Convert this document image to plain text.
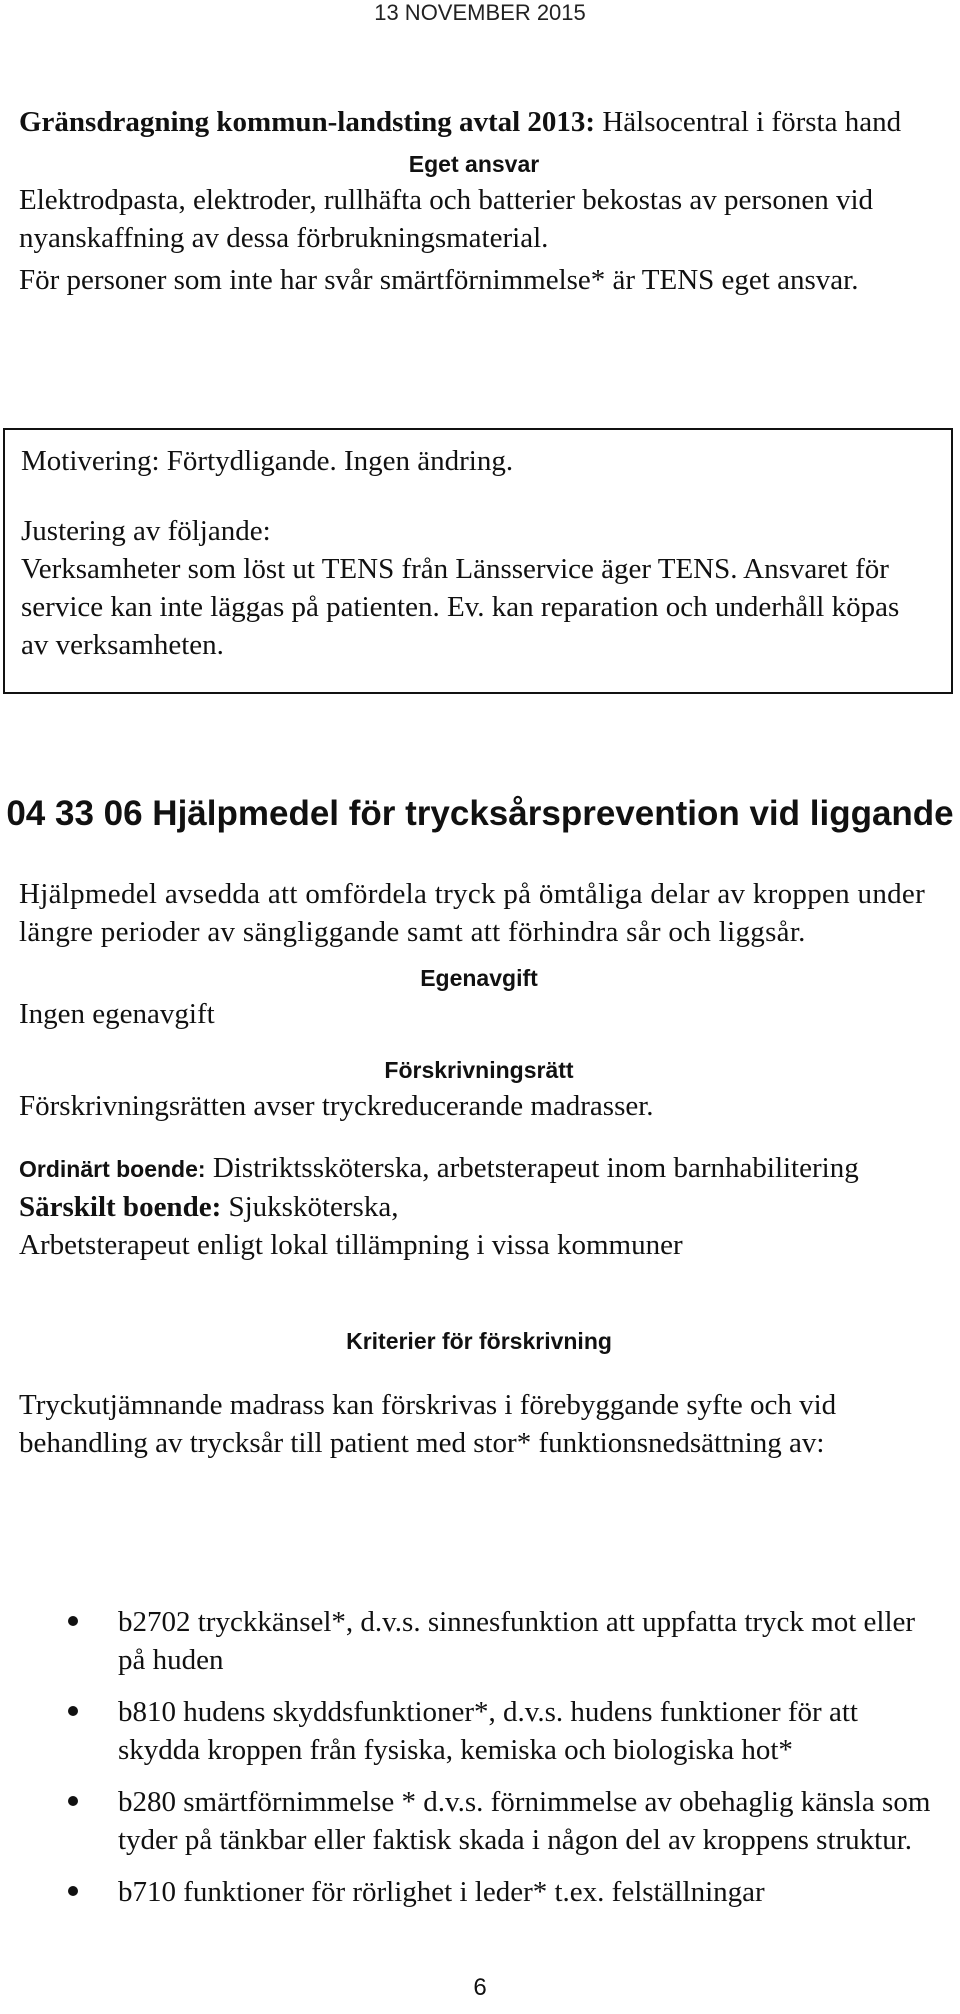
13 NOVEMBER 2015
Gränsdragning kommun-landsting avtal 2013: Hälsocentral i första hand
Eget ansvar
Elektrodpasta, elektroder, rullhäfta och batterier bekostas av personen vid nyanskaffning av dessa förbrukningsmaterial.
För personer som inte har svår smärtförnimmelse* är TENS eget ansvar.
Motivering: Förtydligande. Ingen ändring.
Justering av följande:
Verksamheter som löst ut TENS från Länsservice äger TENS. Ansvaret för service kan inte läggas på patienten. Ev. kan reparation och underhåll köpas av verksamheten.
04 33 06 Hjälpmedel för trycksårsprevention vid liggande
Hjälpmedel avsedda att omfördela tryck på ömtåliga delar av kroppen under längre perioder av sängliggande samt att förhindra sår och liggsår.
Egenavgift
Ingen egenavgift
Förskrivningsrätt
Förskrivningsrätten avser tryckreducerande madrasser.
Ordinärt boende: Distriktssköterska, arbetsterapeut inom barnhabilitering
Särskilt boende: Sjuksköterska,
Arbetsterapeut enligt lokal tillämpning i vissa kommuner
Kriterier för förskrivning
Tryckutjämnande madrass kan förskrivas i förebyggande syfte och vid behandling av trycksår till patient med stor* funktionsnedsättning av:
b2702 tryckkänsel*, d.v.s. sinnesfunktion att uppfatta tryck mot eller på huden
b810 hudens skyddsfunktioner*, d.v.s. hudens funktioner för att skydda kroppen från fysiska, kemiska och biologiska hot*
b280 smärtförnimmelse * d.v.s. förnimmelse av obehaglig känsla som tyder på tänkbar eller faktisk skada i någon del av kroppens struktur.
b710 funktioner för rörlighet i leder* t.ex. felställningar
6
